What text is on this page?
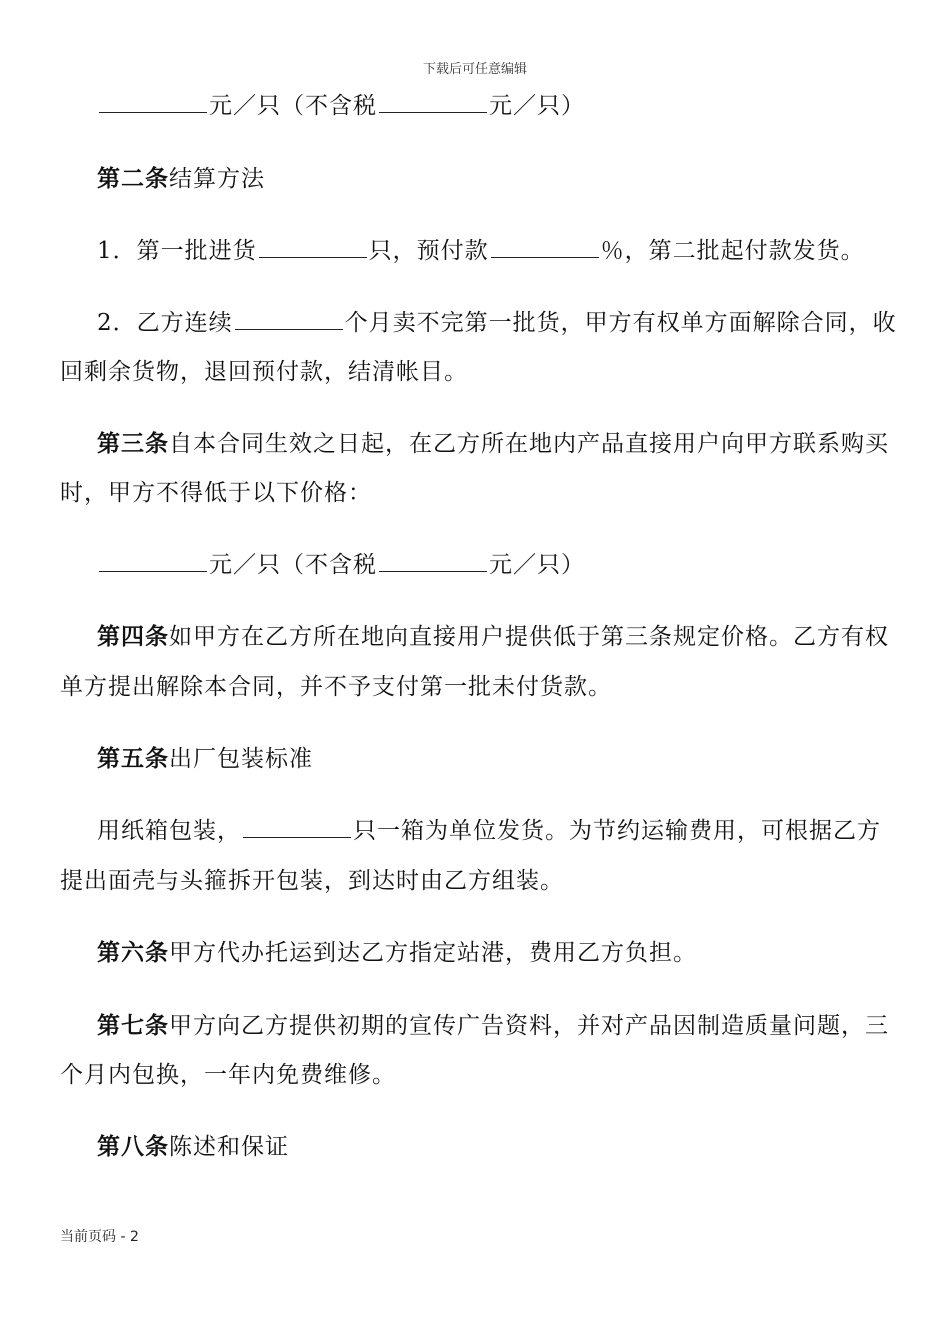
下载后可任意编辑
元／只（不含税	元／只）
第二条结算方法
1．第一批进货	只，预付款	％，第二批起付款发货。
2．乙方连续	个月卖不完第一批货，甲方有权单方面解除合同，收
回剩余货物，退回预付款，结清帐目。
第三条自本合同生效之日起，在乙方所在地内产品直接用户向甲方联系购买
时，甲方不得低于以下价格：
元／只（不含税	元／只）
第四条如甲方在乙方所在地向直接用户提供低于第三条规定价格。乙方有权
单方提出解除本合同，并不予支付第一批未付货款。
第五条出厂包装标准
用纸箱包装，	只一箱为单位发货。为节约运输费用，可根据乙方
提出面壳与头箍拆开包装，到达时由乙方组装。
第六条甲方代办托运到达乙方指定站港，费用乙方负担。
第七条甲方向乙方提供初期的宣传广告资料，并对产品因制造质量问题，三
个月内包换，一年内免费维修。
第八条陈述和保证
当前页码 - 2
